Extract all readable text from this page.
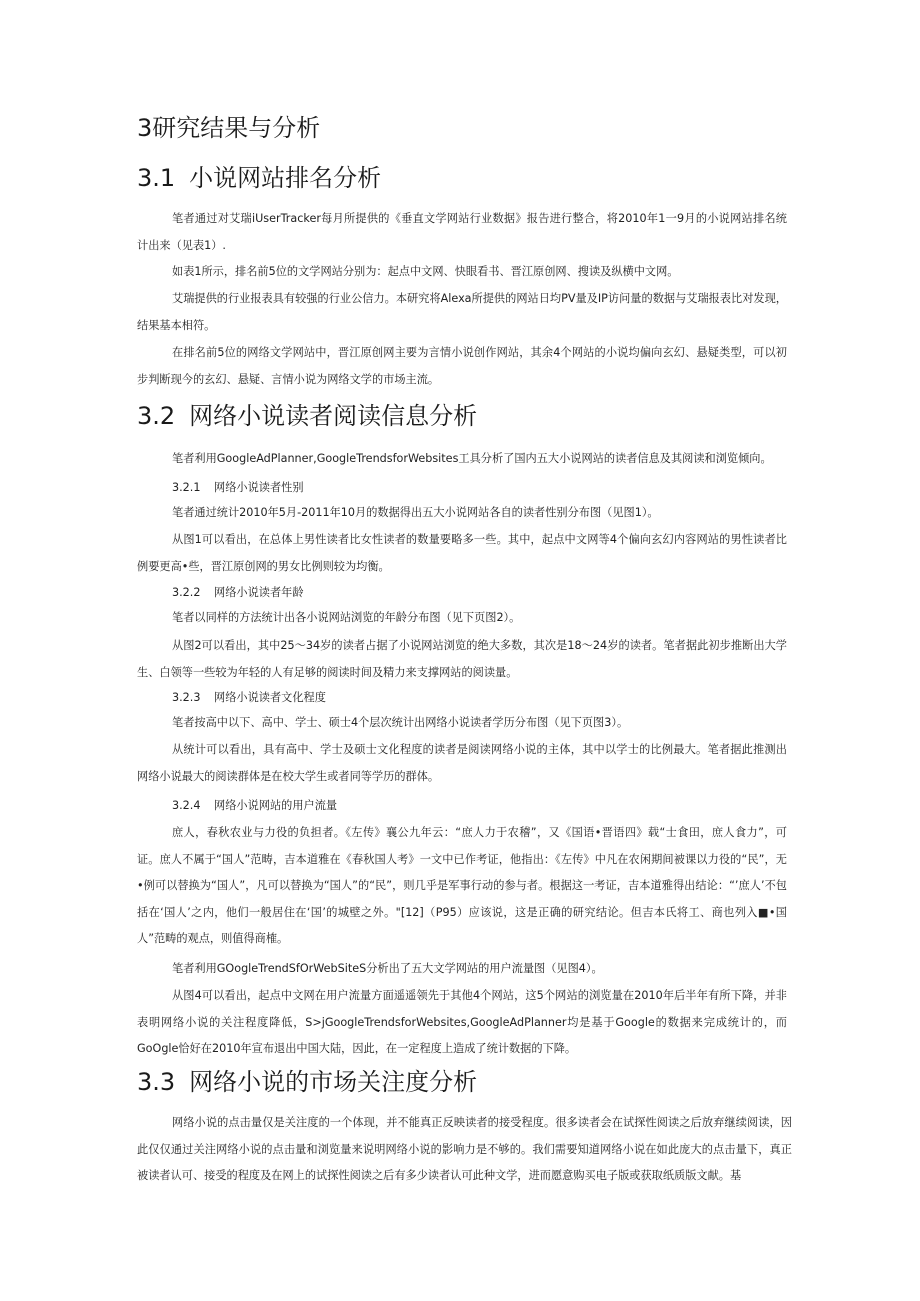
3研究结果与分析
3.1 小说网站排名分析
笔者通过对艾瑞iUserTracker每月所提供的《垂直文学网站行业数据》报告进行整合，将2010年1一9月的小说网站排名统计出来（见表1）.
如表1所示，排名前5位的文学网站分别为：起点中文网、快眼看书、晋江原创网、搜读及纵横中文网。
艾瑞提供的行业报表具有较强的行业公信力。本研究将Alexa所提供的网站日均PV量及IP访问量的数据与艾瑞报表比对发现，结果基本相符。
在排名前5位的网络文学网站中，晋江原创网主要为言情小说创作网站，其余4个网站的小说均偏向玄幻、悬疑类型，可以初步判断现今的玄幻、悬疑、言情小说为网络文学的市场主流。
3.2 网络小说读者阅读信息分析
笔者利用GoogleAdPlanner,GoogleTrendsforWebsites工具分析了国内五大小说网站的读者信息及其阅读和浏览倾向。
3.2.1 网络小说读者性别
笔者通过统计2010年5月-2011年10月的数据得出五大小说网站各自的读者性别分布图（见图1）。
从图1可以看出，在总体上男性读者比女性读者的数量要略多一些。其中，起点中文网等4个偏向玄幻内容网站的男性读者比例要更高•些，晋江原创网的男女比例则较为均衡。
3.2.2 网络小说读者年龄
笔者以同样的方法统计出各小说网站浏览的年龄分布图（见下页图2）。
从图2可以看出，其中25〜34岁的读者占据了小说网站浏览的绝大多数，其次是18〜24岁的读者。笔者据此初步推断出大学生、白领等一些较为年轻的人有足够的阅读时间及精力来支撑网站的阅读量。
3.2.3 网络小说读者文化程度
笔者按高中以下、高中、学士、硕士4个层次统计出网络小说读者学历分布图（见下页图3）。
从统计可以看出，具有高中、学士及硕士文化程度的读者是阅读网络小说的主体，其中以学士的比例最大。笔者据此推测出网络小说最大的阅读群体是在校大学生或者同等学历的群体。
3.2.4 网络小说网站的用户流量
庶人，春秋农业与力役的负担者。《左传》襄公九年云：“庶人力于农稽”，又《国语•晋语四》载“士食田，庶人食力”，可证。庶人不属于“国人”范畴，吉本道雅在《春秋国人考》一文中已作考证，他指出：《左传》中凡在农闲期间被课以力役的“民”，无•例可以替换为“国人”，凡可以替换为“国人”的“民”，则几乎是军事行动的参与者。根据这一考证，吉本道雅得出结论：“’庶人’不包括在‘国人’之内，他们一般居住在‘国’的城壁之外。"[12]（P95）应该说，这是正确的研究结论。但吉本氏将工、商也列入■•国人”范畴的观点，则值得商榷。
笔者利用GOogleTrendSfOrWebSiteS分析出了五大文学网站的用户流量图（见图4）。
从图4可以看出，起点中文网在用户流量方面遥遥领先于其他4个网站，这5个网站的浏览量在2010年后半年有所下降，并非表明网络小说的关注程度降低，S>jGoogleTrendsforWebsites,GoogleAdPlanner均是基于Google的数据来完成统计的，而GoOgle恰好在2010年宣布退出中国大陆，因此，在一定程度上造成了统计数据的下降。
3.3 网络小说的市场关注度分析
网络小说的点击量仅是关注度的一个体现，并不能真正反映读者的接受程度。很多读者会在试探性阅读之后放弃继续阅读，因此仅仅通过关注网络小说的点击量和浏览量来说明网络小说的影响力是不够的。我们需要知道网络小说在如此庞大的点击量下，真正被读者认可、接受的程度及在网上的试探性阅读之后有多少读者认可此种文学，进而愿意购买电子版或获取纸质版文献。基
